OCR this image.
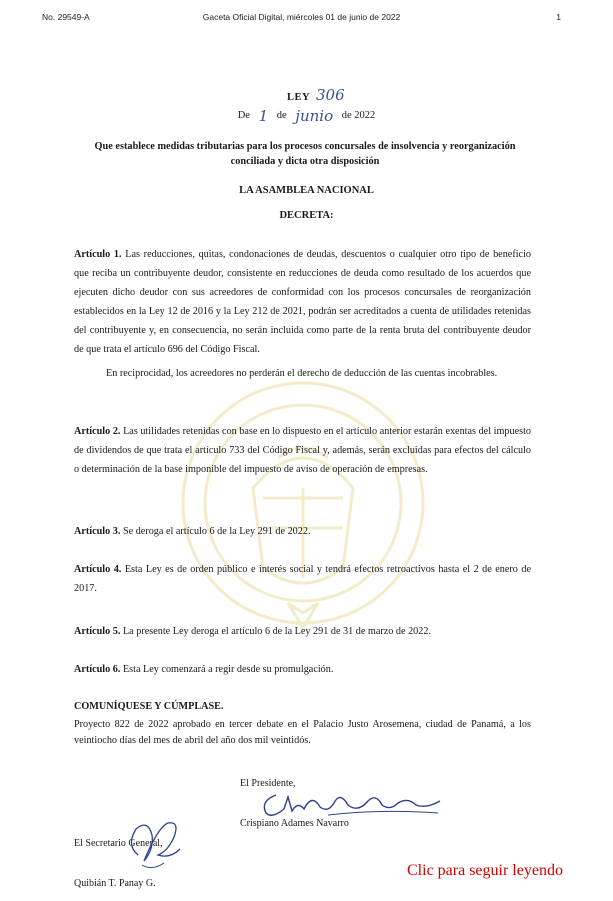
No. 29549-A	Gaceta Oficial Digital, miércoles 01 de junio de 2022	1
LEY 306
De 1 de junio de 2022
Que establece medidas tributarias para los procesos concursales de insolvencia y reorganización conciliada y dicta otra disposición
LA ASAMBLEA NACIONAL
DECRETA:

Artículo 1. Las reducciones, quitas, condonaciones de deudas, descuentos o cualquier otro tipo de beneficio que reciba un contribuyente deudor, consistente en reducciones de deuda como resultado de los acuerdos que ejecuten dicho deudor con sus acreedores de conformidad con los procesos concursales de reorganización establecidos en la Ley 12 de 2016 y la Ley 212 de 2021, podrán ser acreditados a cuenta de utilidades retenidas del contribuyente y, en consecuencia, no serán incluida como parte de la renta bruta del contribuyente deudor de que trata el artículo 696 del Código Fiscal.

En reciprocidad, los acreedores no perderán el derecho de deducción de las cuentas incobrables.

Artículo 2. Las utilidades retenidas con base en lo dispuesto en el artículo anterior estarán exentas del impuesto de dividendos de que trata el artículo 733 del Código Fiscal y, además, serán excluidas para efectos del cálculo o determinación de la base imponible del impuesto de aviso de operación de empresas.

Artículo 3. Se deroga el artículo 6 de la Ley 291 de 2022.

Artículo 4. Esta Ley es de orden público e interés social y tendrá efectos retroactivos hasta el 2 de enero de 2017.

Artículo 5. La presente Ley deroga el artículo 6 de la Ley 291 de 31 de marzo de 2022.

Artículo 6. Esta Ley comenzará a regir desde su promulgación.

COMUNÍQUESE Y CÚMPLASE.

Proyecto 822 de 2022 aprobado en tercer debate en el Palacio Justo Arosemena, ciudad de Panamá, a los veintiocho días del mes de abril del año dos mil veintidós.

El Presidente,
Crispiano Adames Navarro
El Secretario General,
Quibián T. Panay G.
Clic para seguir leyendo
